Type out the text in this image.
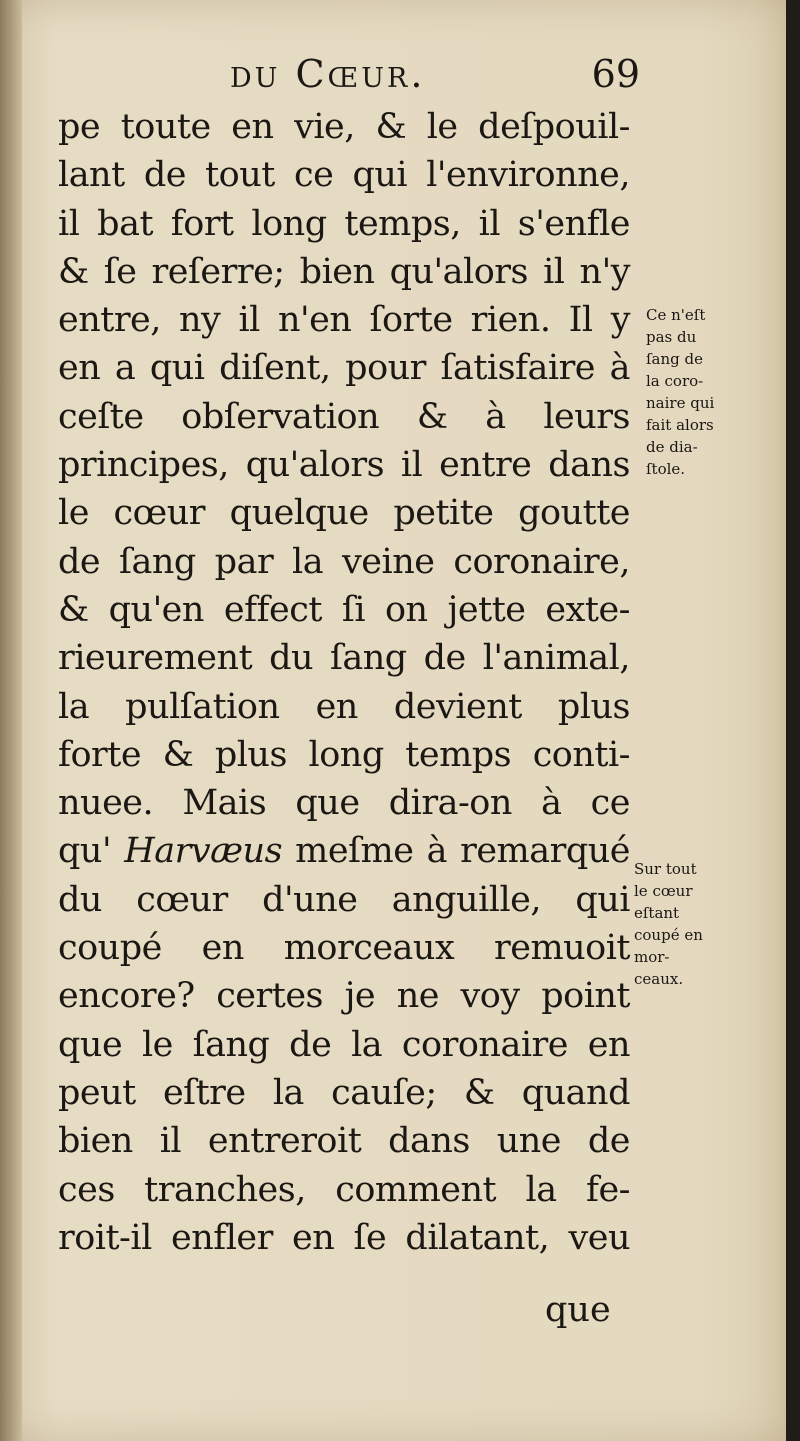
du Cœur.	69
pe toute en vie, & le deſpouil-
lant de tout ce qui l'environne,
il bat fort long temps, il s'enfle
& ſe reſerre; bien qu'alors il n'y
entre, ny il n'en ſorte rien. Il y
en a qui diſent, pour ſatisfaire à
ceſte obſervation & à leurs
principes, qu'alors il entre dans
le cœur quelque petite goutte
de ſang par la veine coronaire,
& qu'en effect ſi on jette exte-
rieurement du ſang de l'animal,
la pulſation en devient plus
forte & plus long temps conti-
nuee. Mais que dira-on à ce
qu' Harvæus meſme à remarqué
du cœur d'une anguille, qui
coupé en morceaux remuoit
encore? certes je ne voy point
que le ſang de la coronaire en
peut eſtre la cauſe; & quand
bien il entreroit dans une de
ces tranches, comment la fe-
roit-il enfler en ſe dilatant, veu
que
Ce n'eſt
pas du
ſang de
la coro-
naire qui
fait alors
de dia-
ſtole.
Sur tout
le cœur
eſtant
coupé en
mor-
ceaux.
